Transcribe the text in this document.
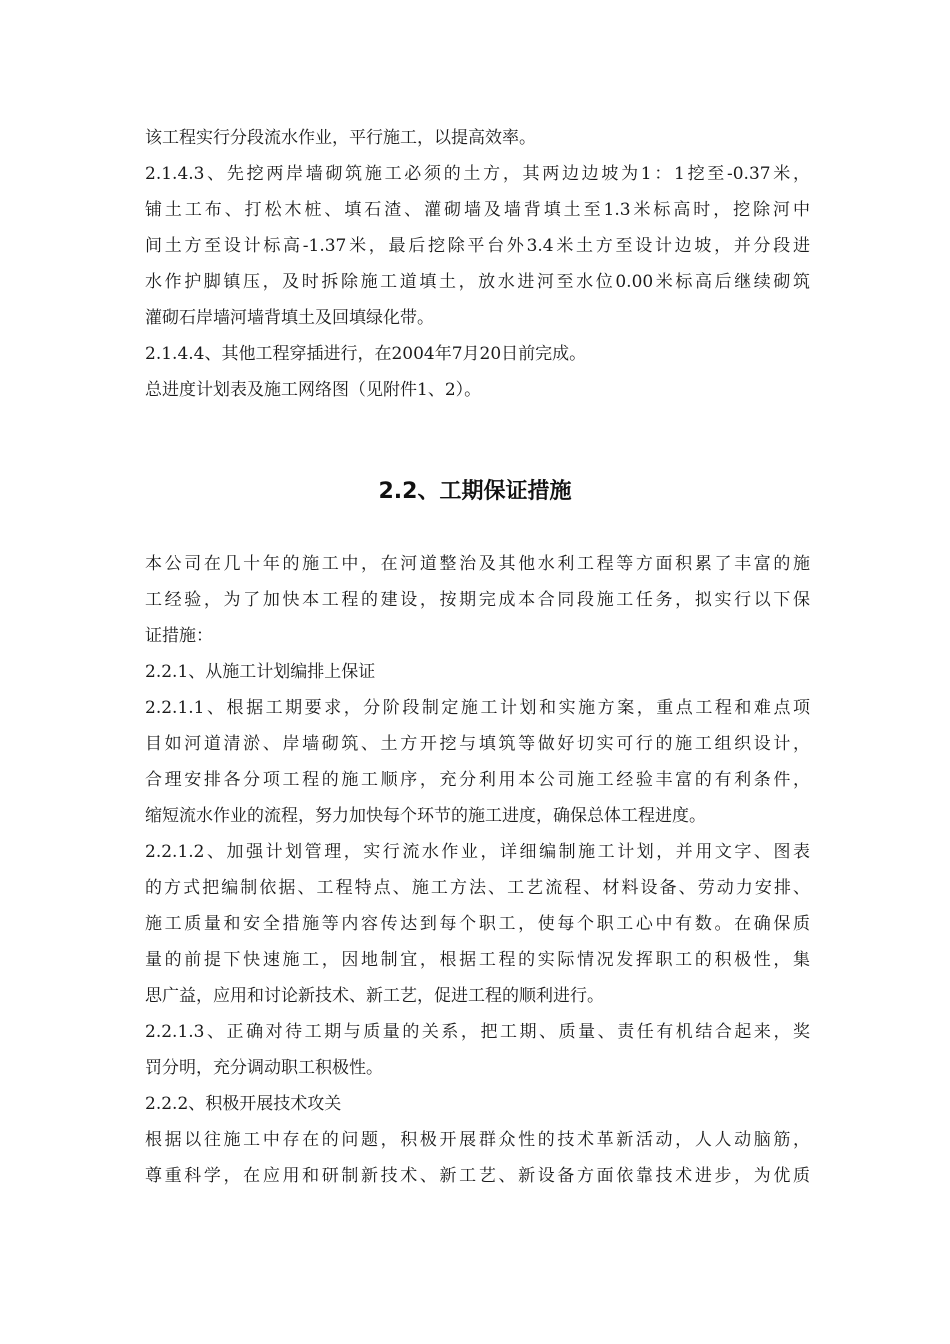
该工程实行分段流水作业，平行施工，以提高效率。
2.1.4.3、先挖两岸墙砌筑施工必须的土方，其两边边坡为1：1挖至-0.37米，
铺土工布、打松木桩、填石渣、灌砌墙及墙背填土至1.3米标高时，挖除河中
间土方至设计标高-1.37米，最后挖除平台外3.4米土方至设计边坡，并分段进
水作护脚镇压，及时拆除施工道填土，放水进河至水位0.00米标高后继续砌筑
灌砌石岸墙河墙背填土及回填绿化带。
2.1.4.4、其他工程穿插进行，在2004年7月20日前完成。
总进度计划表及施工网络图（见附件1、2）。
2.2、工期保证措施
本公司在几十年的施工中，在河道整治及其他水利工程等方面积累了丰富的施
工经验，为了加快本工程的建设，按期完成本合同段施工任务，拟实行以下保
证措施：
2.2.1、从施工计划编排上保证
2.2.1.1、根据工期要求，分阶段制定施工计划和实施方案，重点工程和难点项
目如河道清淤、岸墙砌筑、土方开挖与填筑等做好切实可行的施工组织设计，
合理安排各分项工程的施工顺序，充分利用本公司施工经验丰富的有利条件，
缩短流水作业的流程，努力加快每个环节的施工进度，确保总体工程进度。
2.2.1.2、加强计划管理，实行流水作业，详细编制施工计划，并用文字、图表
的方式把编制依据、工程特点、施工方法、工艺流程、材料设备、劳动力安排、
施工质量和安全措施等内容传达到每个职工，使每个职工心中有数。在确保质
量的前提下快速施工，因地制宜，根据工程的实际情况发挥职工的积极性，集
思广益，应用和讨论新技术、新工艺，促进工程的顺利进行。
2.2.1.3、正确对待工期与质量的关系，把工期、质量、责任有机结合起来，奖
罚分明，充分调动职工积极性。
2.2.2、积极开展技术攻关
根据以往施工中存在的问题，积极开展群众性的技术革新活动，人人动脑筋，
尊重科学，在应用和研制新技术、新工艺、新设备方面依靠技术进步，为优质
